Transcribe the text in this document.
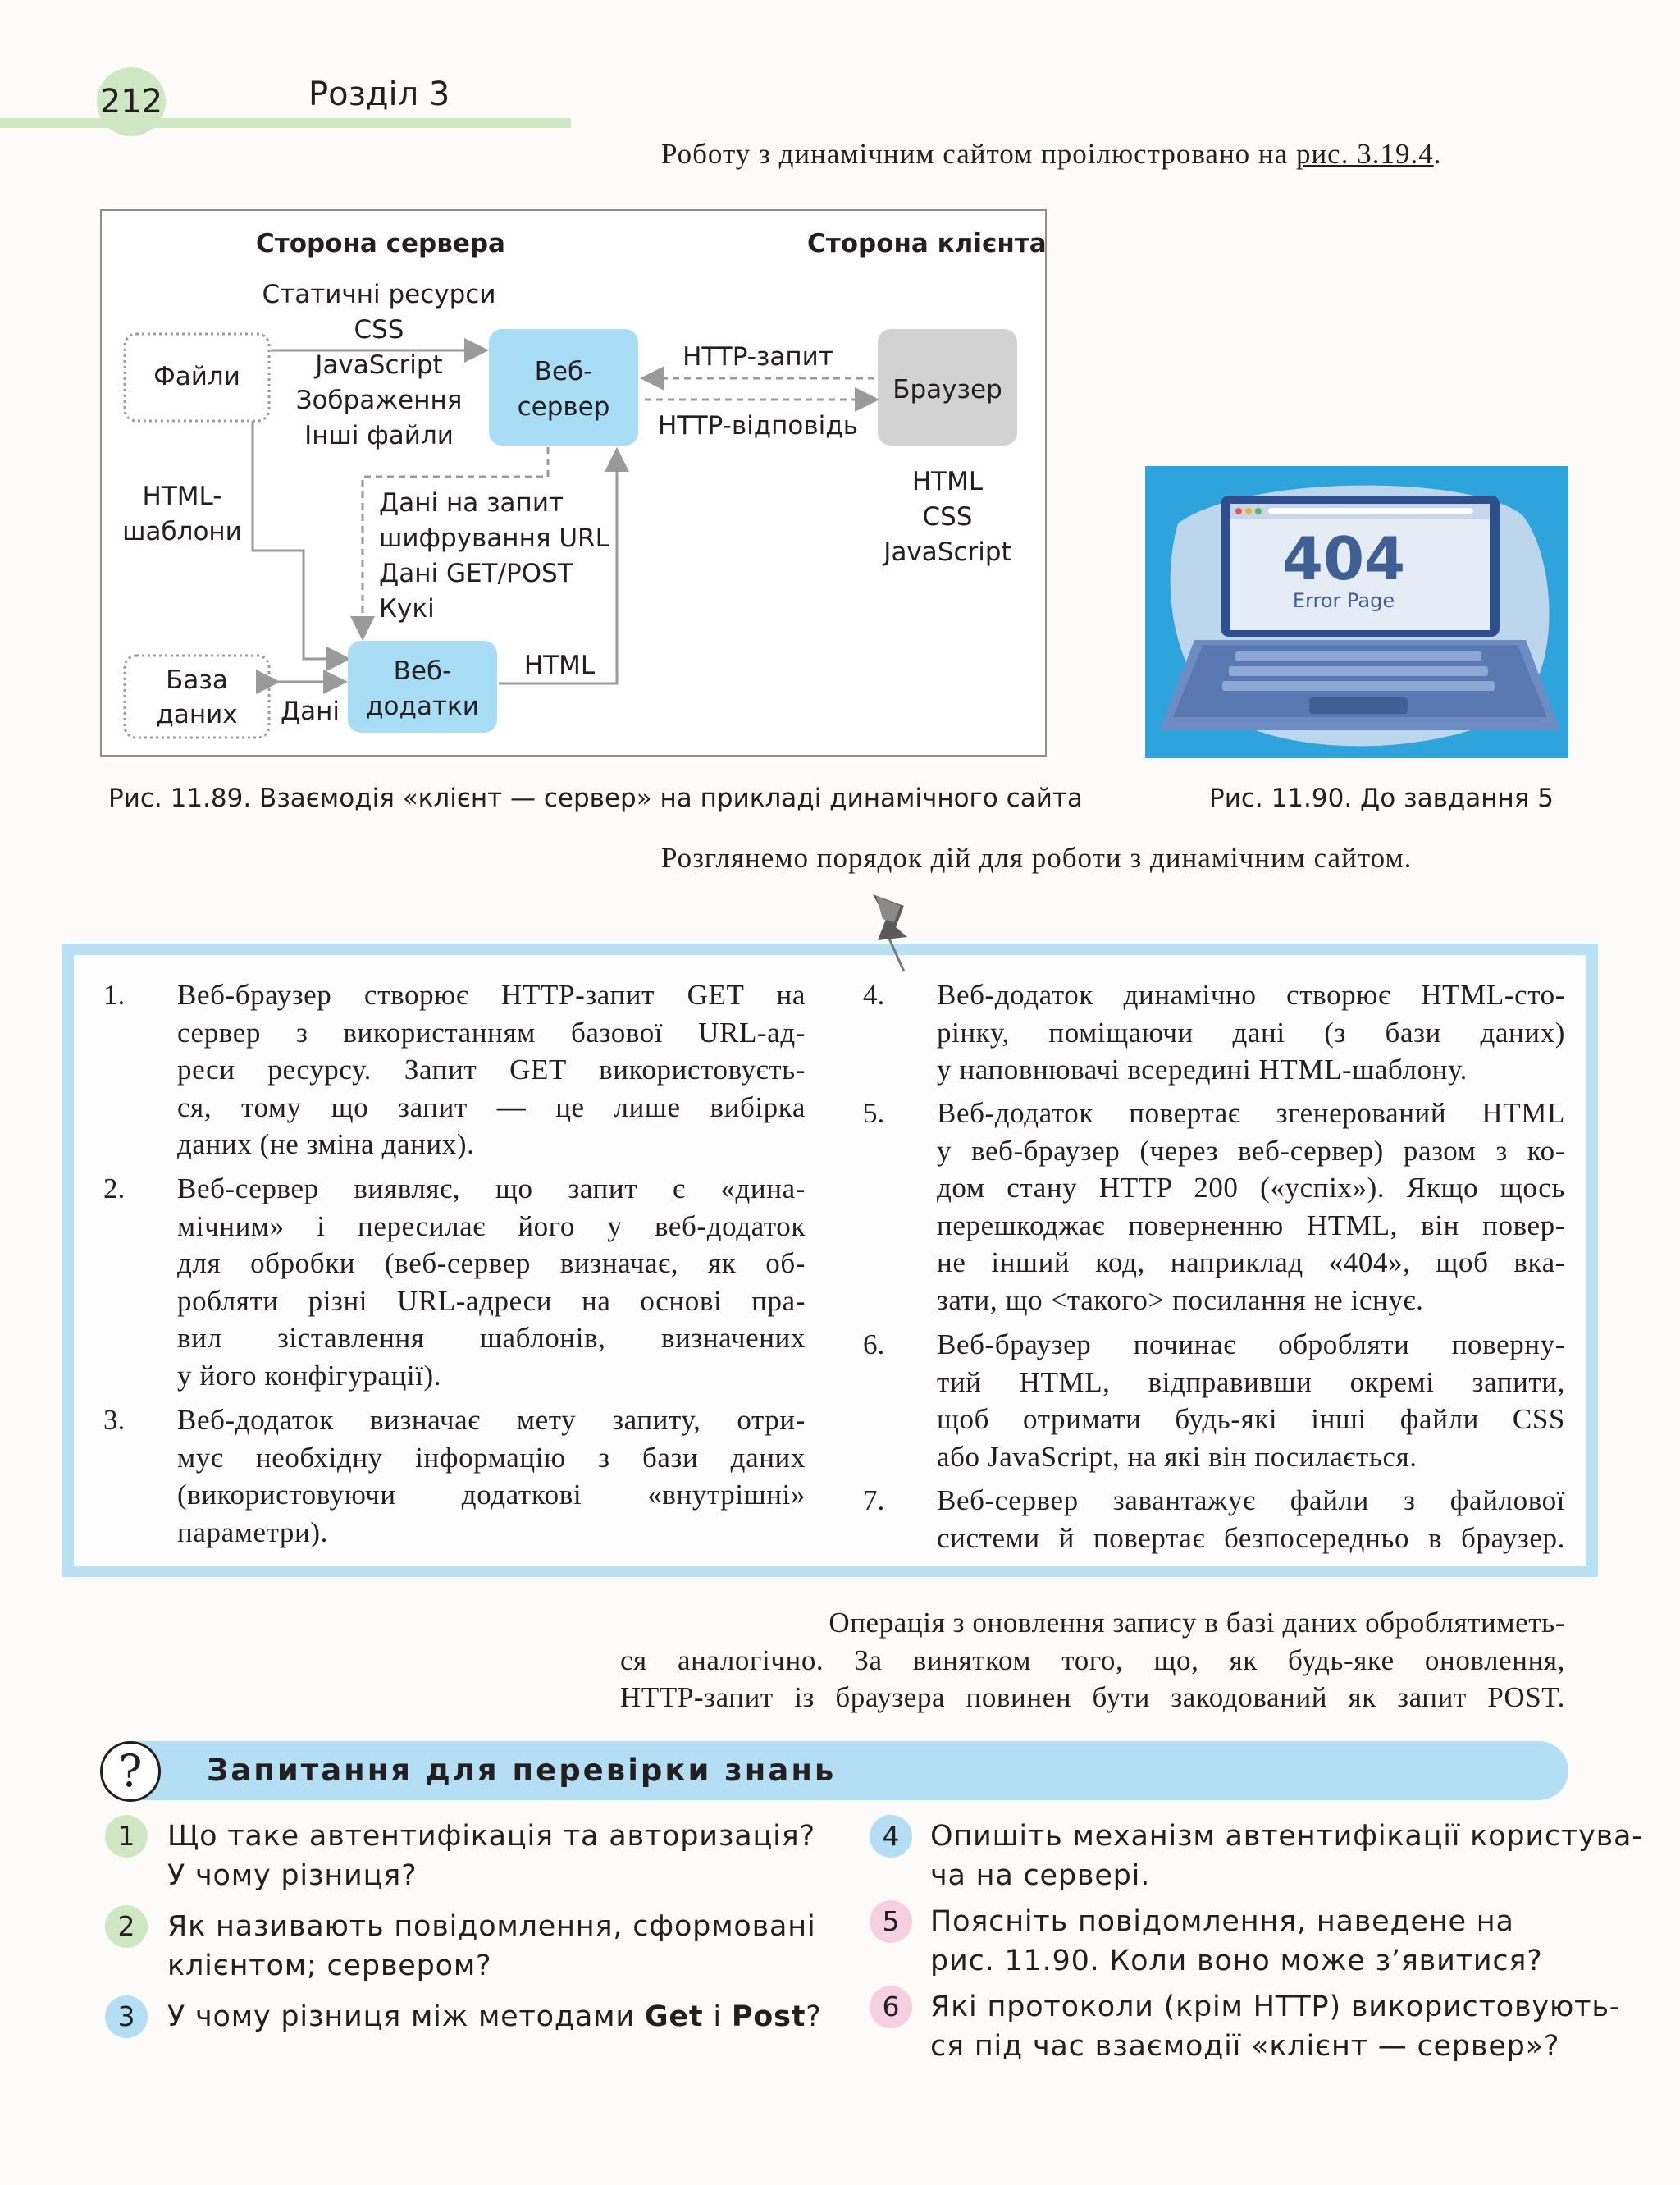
212	Розділ 3
Роботу з динамічним сайтом проілюстровано на рис. 3.19.4.
Сторона сервера	Сторона клієнта
Файли
Статичні ресурси
CSS
JavaScript
Зображення
Інші файли
Веб-
сервер
Браузер
HTTP-запит
HTTP-відповідь
HTML
CSS
JavaScript
HTML-
шаблони
Дані на запит
шифрування URL
Дані GET/POST
Кукі
База
даних Дані
Веб-
додатки
HTML
404
Error Page
Рис. 11.89. Взаємодія «клієнт — сервер» на прикладі динамічного сайта	Рис. 11.90. До завдання 5
Розглянемо порядок дій для роботи з динамічним сайтом.
1.	Веб-браузер створює HTTP-запит GET на
сервер з використанням базової URL-ад-
реси ресурсу. Запит GET використовуєть-
ся, тому що запит — це лише вибірка
даних (не зміна даних).
2.	Веб-сервер виявляє, що запит є «дина-
мічним» і пересилає його у веб-додаток
для обробки (веб-сервер визначає, як об-
робляти різні URL-адреси на основі пра-
вил зіставлення шаблонів, визначених
у його конфігурації).
3.	Веб-додаток визначає мету запиту, отри-
мує необхідну інформацію з бази даних
(використовуючи додаткові «внутрішні»
параметри).
4.	Веб-додаток динамічно створює HTML-сто-
рінку, поміщаючи дані (з бази даних)
у наповнювачі всередині HTML-шаблону.
5.	Веб-додаток повертає згенерований HTML
у веб-браузер (через веб-сервер) разом з ко-
дом стану HTTP 200 («успіх»). Якщо щось
перешкоджає поверненню HTML, він повер-
не інший код, наприклад «404», щоб вка-
зати, що <такого> посилання не існує.
6.	Веб-браузер починає обробляти поверну-
тий HTML, відправивши окремі запити,
щоб отримати будь-які інші файли CSS
або JavaScript, на які він посилається.
7.	Веб-сервер завантажує файли з файлової
системи й повертає безпосередньо в браузер.
Операція з оновлення запису в базі даних оброблятиметь-
ся аналогічно. За винятком того, що, як будь-яке оновлення,
HTTP-запит із браузера повинен бути закодований як запит POST.
?	Запитання для перевірки знань
1	Що таке автентифікація та авторизація?
У чому різниця?
2	Як називають повідомлення, сформовані
клієнтом; сервером?
3	У чому різниця між методами Get і Post?
4	Опишіть механізм автентифікації користува-
ча на сервері.
5	Поясніть повідомлення, наведене на
рис. 11.90. Коли воно може з’явитися?
6	Які протоколи (крім HTTP) використовують-
ся під час взаємодії «клієнт — сервер»?
